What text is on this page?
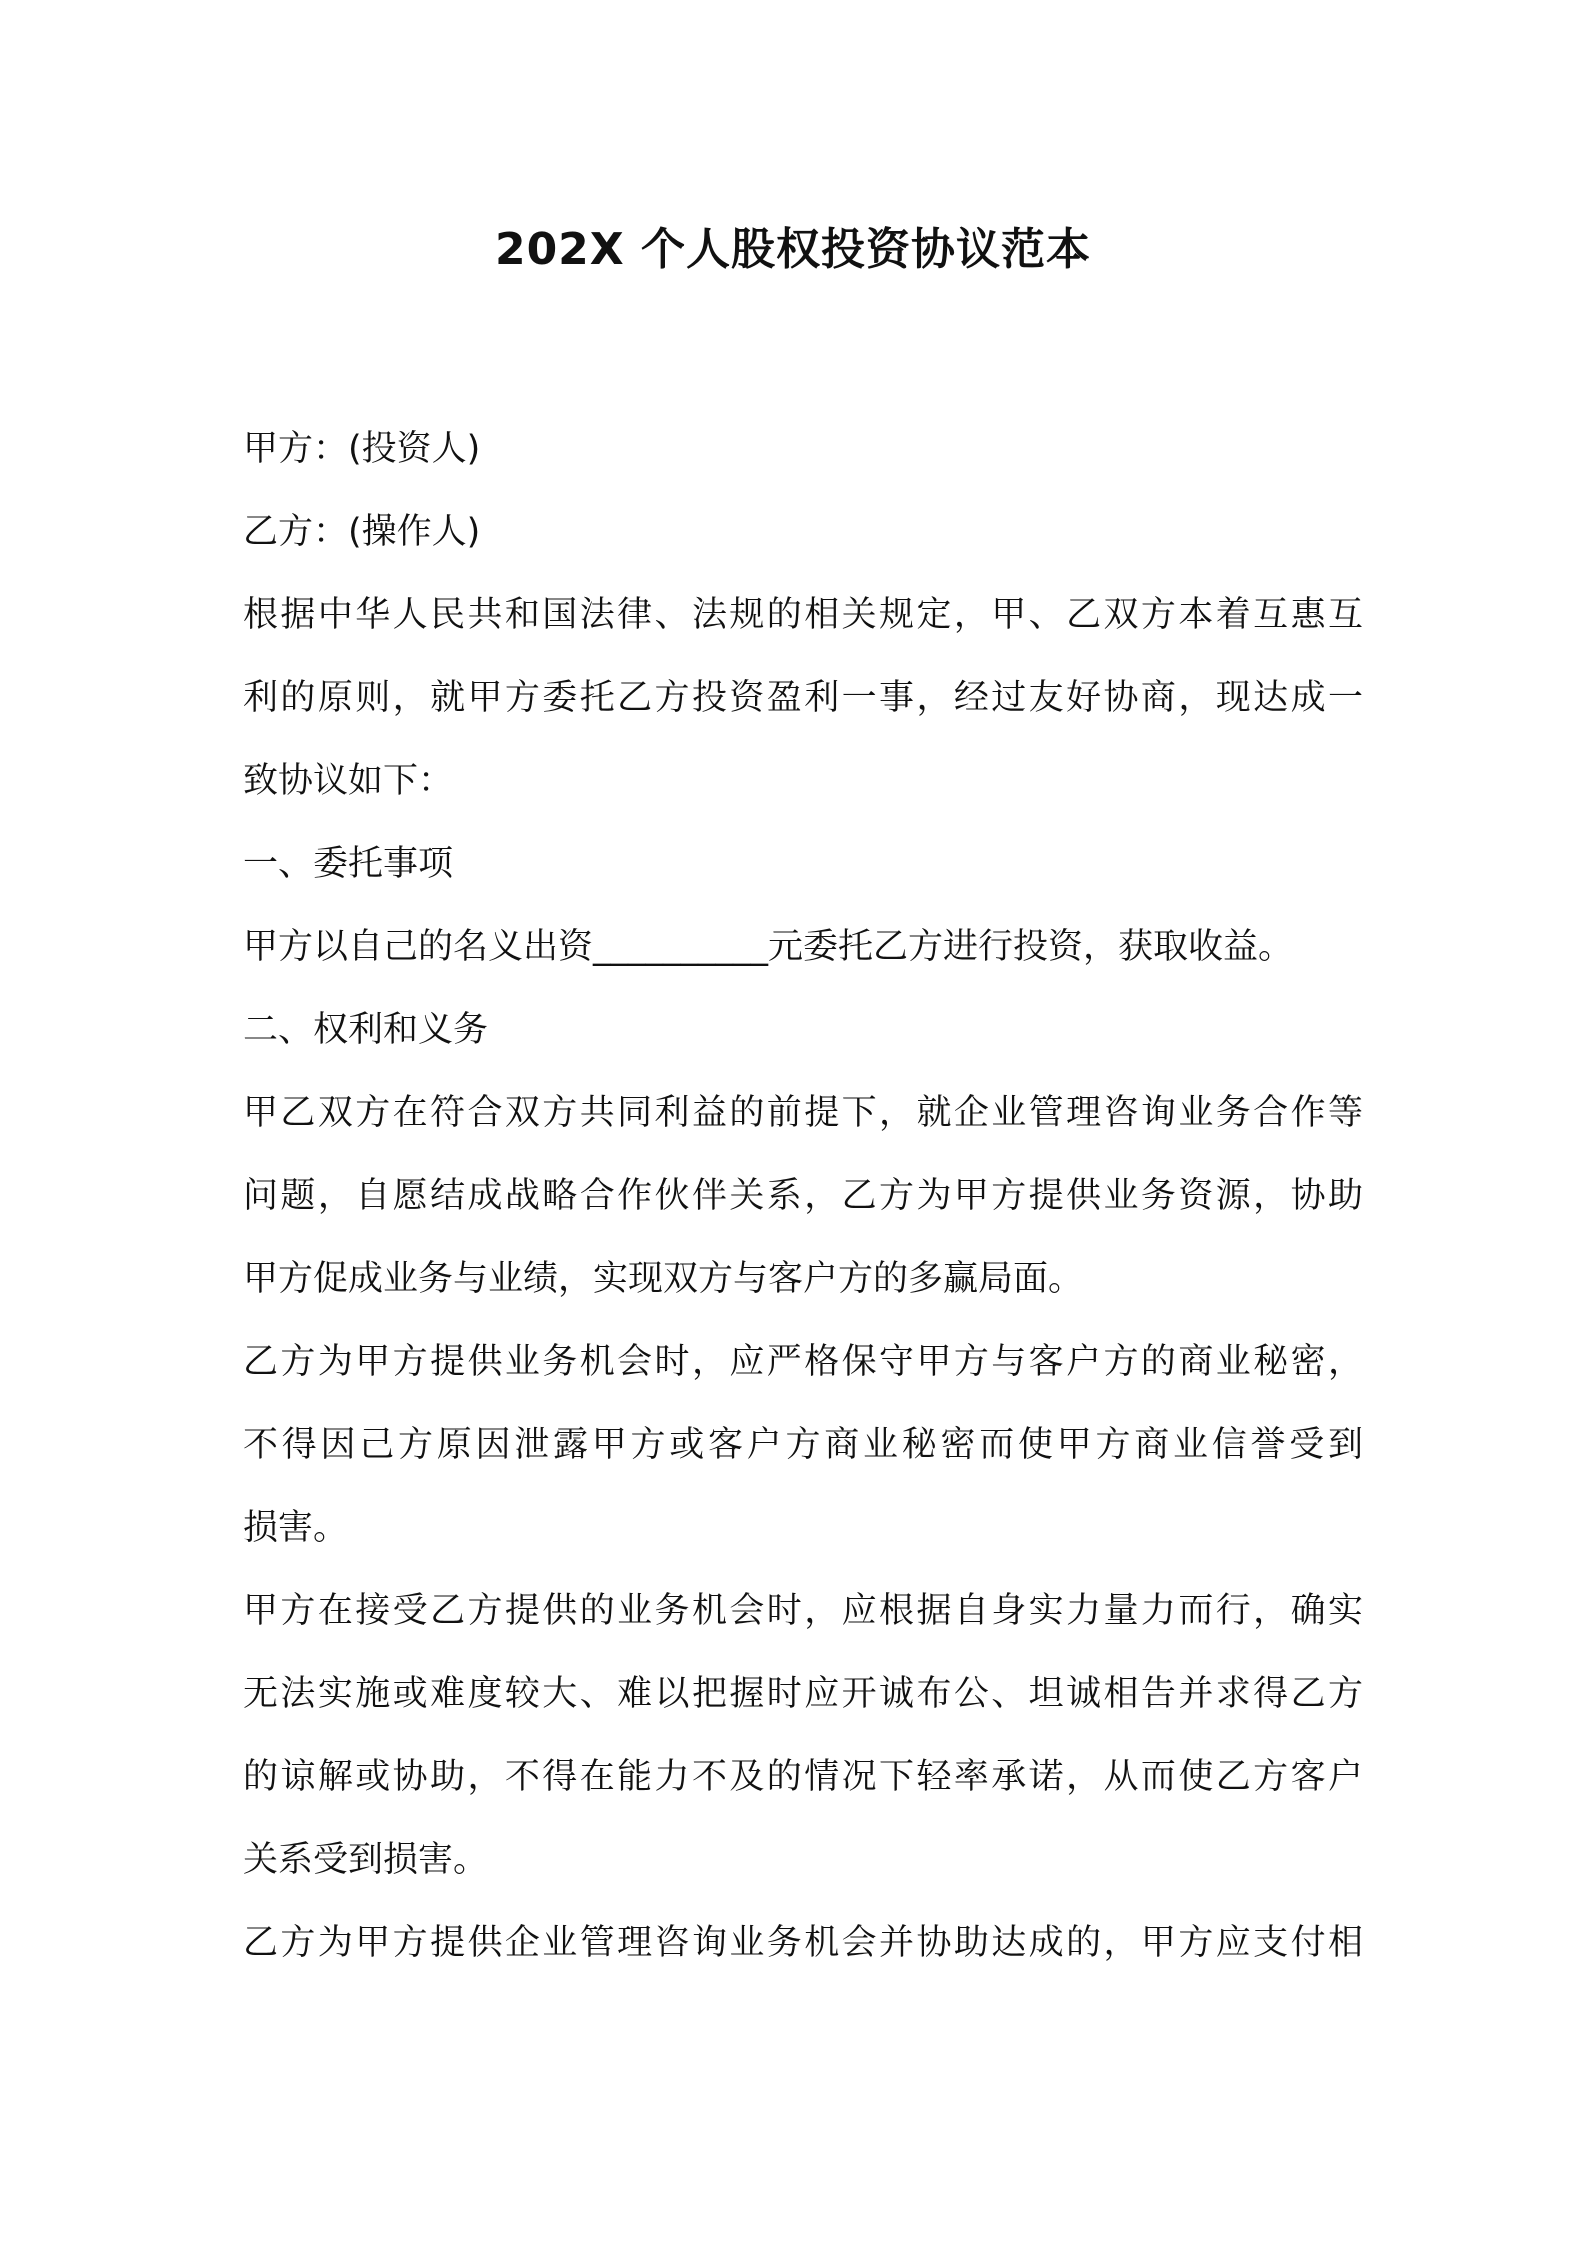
202X 个人股权投资协议范本
甲方：(投资人)
乙方：(操作人)
根据中华人民共和国法律、法规的相关规定，甲、乙双方本着互惠互
利的原则，就甲方委托乙方投资盈利一事，经过友好协商，现达成一
致协议如下：
一、委托事项
甲方以自己的名义出资__________元委托乙方进行投资，获取收益。
二、权利和义务
甲乙双方在符合双方共同利益的前提下，就企业管理咨询业务合作等
问题，自愿结成战略合作伙伴关系，乙方为甲方提供业务资源，协助
甲方促成业务与业绩，实现双方与客户方的多赢局面。
乙方为甲方提供业务机会时，应严格保守甲方与客户方的商业秘密，
不得因己方原因泄露甲方或客户方商业秘密而使甲方商业信誉受到
损害。
甲方在接受乙方提供的业务机会时，应根据自身实力量力而行，确实
无法实施或难度较大、难以把握时应开诚布公、坦诚相告并求得乙方
的谅解或协助，不得在能力不及的情况下轻率承诺，从而使乙方客户
关系受到损害。
乙方为甲方提供企业管理咨询业务机会并协助达成的，甲方应支付相
